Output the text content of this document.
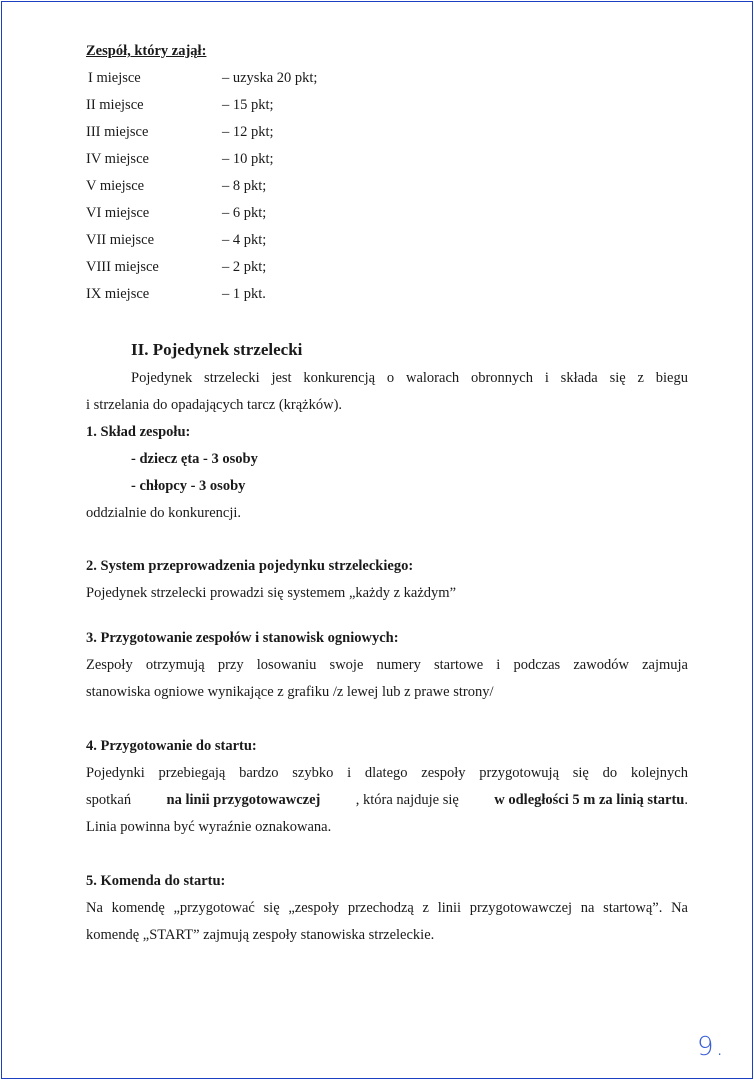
Zespół, który zajął:
I miejsce	– uzyska 20 pkt;
II miejsce	– 15 pkt;
III miejsce	– 12 pkt;
IV miejsce	– 10 pkt;
V miejsce	– 8 pkt;
VI miejsce	– 6 pkt;
VII miejsce	– 4 pkt;
VIII miejsce	– 2 pkt;
IX miejsce	– 1 pkt.
II. Pojedynek strzelecki
Pojedynek strzelecki jest konkurencją o walorach obronnych i składa się z biegu
i strzelania do opadających tarcz (krążków).
1. Skład zespołu:
- dziecz ęta - 3 osoby
- chłopcy - 3 osoby
oddzialnie do konkurencji.
2. System przeprowadzenia pojedynku strzeleckiego:
Pojedynek strzelecki prowadzi się systemem „każdy z każdym”
3. Przygotowanie zespołów i stanowisk ogniowych:
Zespoły otrzymują przy losowaniu swoje numery startowe i podczas zawodów zajmuja
stanowiska ogniowe wynikające z grafiku /z lewej lub z prawe strony/
4. Przygotowanie do startu:
Pojedynki przebiegają bardzo szybko i dlatego zespoły przygotowują się do kolejnych
spotkań na linii przygotowawczej , która najduje się w odległości 5 m za linią startu.
Linia powinna być wyraźnie oznakowana.
5. Komenda do startu:
Na komendę „przygotować się „zespoły przechodzą z linii przygotowawczej na startową”. Na
komendę „START” zajmują zespoły stanowiska strzeleckie.
9.
